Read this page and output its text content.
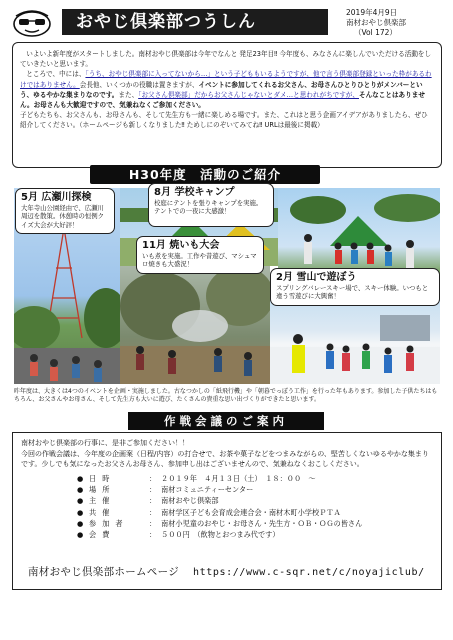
おやじ倶楽部つうしん	2019年4月9日
南材おやじ倶楽部
（Vol 172）

いよいよ新年度がスタートしました。南材おやじ倶楽部は今年でなんと 発足23年目‼ 今年度も、みなさんに楽しんでいただける活動をしていきたいと思います。

ところで、中には、「うち、おやじ倶楽部に入ってないから…」という子どももいるようですが、他で言う倶楽部登録といった枠があるわけではありません。会長他、いくつかの役職は置きますが、イベントに参加してくれるお父さん、お母さんひとりひとりがメンバーという、ゆるやかな集まりなのです。また、「お父さん倶楽部」だからお父さんじゃないとダメ…と思われがちですが、そんなことはありません。お母さんも大歓迎ですので、気兼ねなくご参加ください。

子どもたちも、お父さんも、お母さんも、そして先生方も一緒に楽しめる場です。また、これはと思う企画アイデアがありましたら、ぜひ紹介してください。（ホームページも新しくなりました‼ ためしにのぞいてみてね‼ URLは最後に掲載）

H30年度　活動のご紹介
5月 広瀬川探検
大年寺山公園経由で、広瀬川周辺を散策。休憩時の恒例クイズ大会が大好評！
8月 学校キャンプ
校庭にテントを張りキャンプを実施。テントでの一夜に大感激！
11月 焼いも大会
いも煮を実施。工作や昔遊び、マシュマロ焼きも大盛況！
2月 雪山で遊ぼう
スプリングバレースキー場で、スキー体験。いつもと違う雪遊びに大興奮！
昨年度は、大きくは4つのイベントを企画・実施しました。古なつかしの「紙飛行機」や「朝暮でっぽう工作」を行った年もあります。参加した子供たちはもちろん、お父さんやお母さん、そして先生方も大いに遊び、たくさんの貴重な思い出づくりができたと思います。
作戦会議のご案内

南材おやじ倶楽部の行事に、是非ご参加ください！！

今回の作戦会議は、今年度の企画案（日程/内容）の打合せで、お茶や菓子などをつまみながらの、堅苦しくないゆるやかな集まりです。少しでも気になったお父さんお母さん、参加申し出はございませんので、気兼ねなくおこしください。

● 日時	： ２０１９年　４月１３日（土）　１８：００　～
● 場所	： 南材コミュニティーセンター
● 主催	： 南材おやじ倶楽部
● 共催	： 南材学区子ども会育成会連合会・南材木町小学校ＰＴＡ
● 参加者	： 南材小児童のおやじ・お母さん・先生方・ＯＢ・ＯＧの皆さん
● 会費	： ５００円　（飲物とおつまみ代です）
南材おやじ倶楽部ホームページ https://www.c-sqr.net/c/noyajiclub/
